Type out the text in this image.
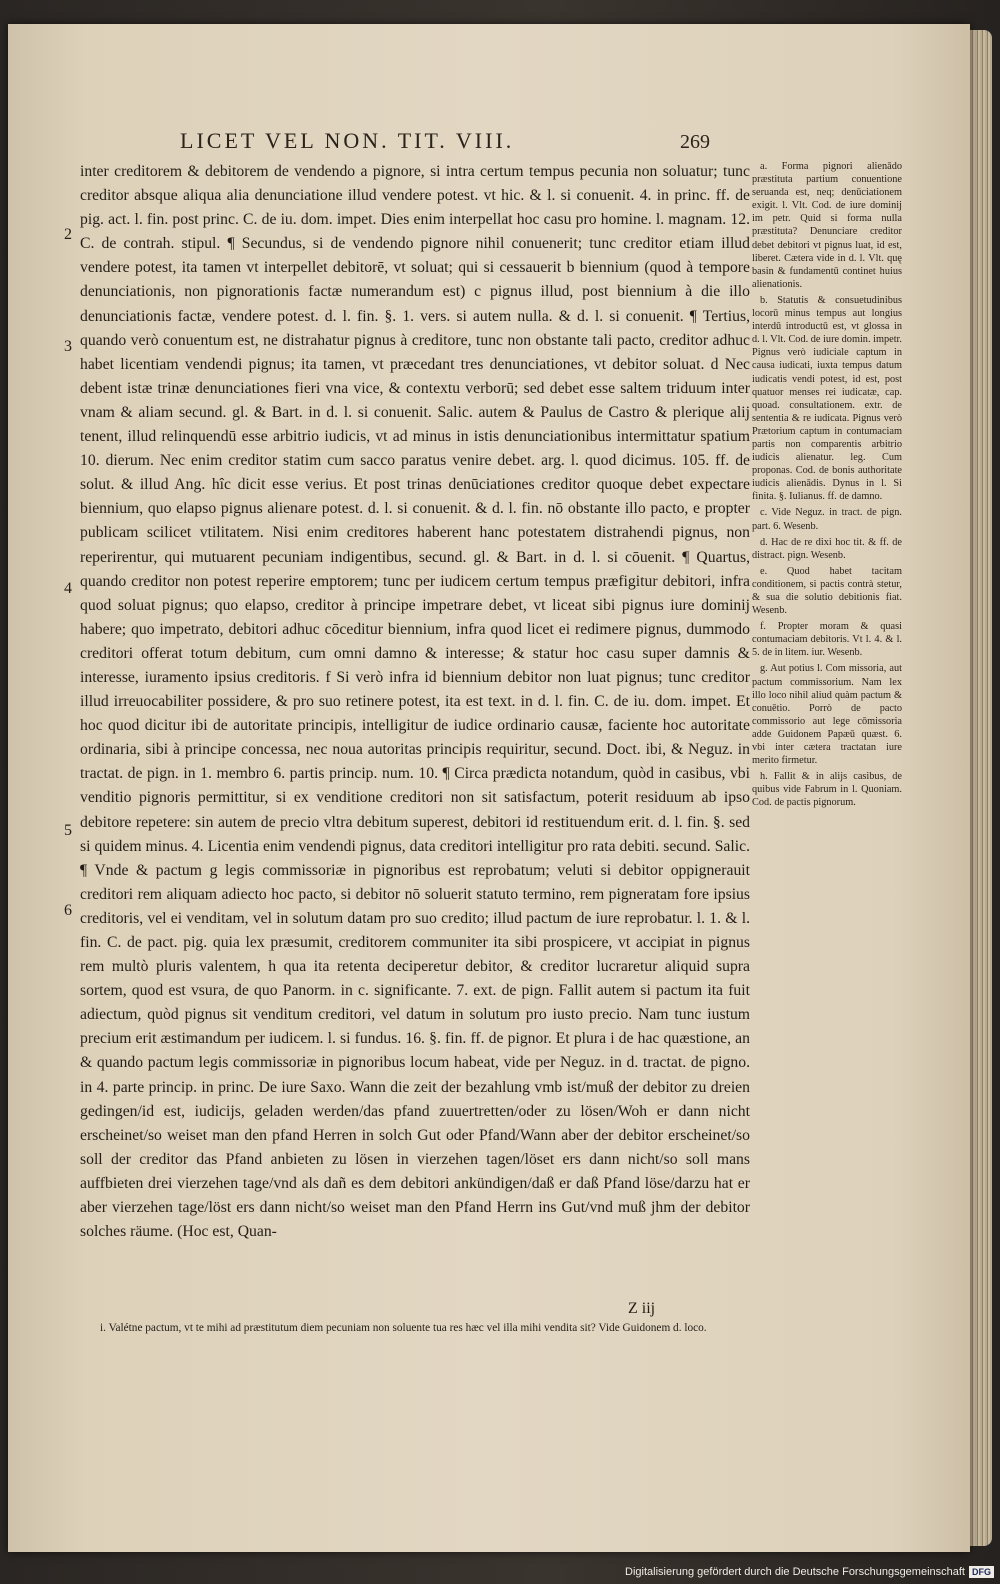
LICET VEL NON. TIT. VIII.	269

inter creditorem & debitorem de vendendo a pignore, si intra certum tempus pecunia non soluatur; tunc creditor absque aliqua alia denunciatione illud vendere potest. vt hic. & l. si conuenit. 4. in princ. ff. de pig. act. l. fin. post princ. C. de iu. dom. impet. Dies enim interpellat hoc casu pro homine. l. magnam. 12. C. de contrah. stipul. ¶ Secundus, si de vendendo pignore nihil conuenerit; tunc creditor etiam illud vendere potest, ita tamen vt interpellet debitorē, vt soluat; qui si cessauerit b biennium (quod à tempore denunciationis, non pignorationis factæ numerandum est) c pignus illud, post biennium à die illo denunciationis factæ, vendere potest. d. l. fin. §. 1. vers. si autem nulla. & d. l. si conuenit. ¶ Tertius, quando verò conuentum est, ne distrahatur pignus à creditore, tunc non obstante tali pacto, creditor adhuc habet licentiam vendendi pignus; ita tamen, vt præcedant tres denunciationes, vt debitor soluat. d Nec debent istæ trinæ denunciationes fieri vna vice, & contextu verborū; sed debet esse saltem triduum inter vnam & aliam secund. gl. & Bart. in d. l. si conuenit. Salic. autem & Paulus de Castro & plerique alij tenent, illud relinquendū esse arbitrio iudicis, vt ad minus in istis denunciationibus intermittatur spatium 10. dierum. Nec enim creditor statim cum sacco paratus venire debet. arg. l. quod dicimus. 105. ff. de solut. & illud Ang. hîc dicit esse verius. Et post trinas denūciationes creditor quoque debet expectare biennium, quo elapso pignus alienare potest. d. l. si conuenit. & d. l. fin. nō obstante illo pacto, e propter publicam scilicet vtilitatem. Nisi enim creditores haberent hanc potestatem distrahendi pignus, non reperirentur, qui mutuarent pecuniam indigentibus, secund. gl. & Bart. in d. l. si cōuenit. ¶ Quartus, quando creditor non potest reperire emptorem; tunc per iudicem certum tempus præfigitur debitori, infra quod soluat pignus; quo elapso, creditor à principe impetrare debet, vt liceat sibi pignus iure dominij habere; quo impetrato, debitori adhuc cōceditur biennium, infra quod licet ei redimere pignus, dummodo creditori offerat totum debitum, cum omni damno & interesse; & statur hoc casu super damnis & interesse, iuramento ipsius creditoris. f Si verò infra id biennium debitor non luat pignus; tunc creditor illud irreuocabiliter possidere, & pro suo retinere potest, ita est text. in d. l. fin. C. de iu. dom. impet. Et hoc quod dicitur ibi de autoritate principis, intelligitur de iudice ordinario causæ, faciente hoc autoritate ordinaria, sibi à principe concessa, nec noua autoritas principis requiritur, secund. Doct. ibi, & Neguz. in tractat. de pign. in 1. membro 6. partis princip. num. 10. ¶ Circa prædicta notandum, quòd in casibus, vbi venditio pignoris permittitur, si ex venditione creditori non sit satisfactum, poterit residuum ab ipso debitore repetere: sin autem de precio vltra debitum superest, debitori id restituendum erit. d. l. fin. §. sed si quidem minus. 4. Licentia enim vendendi pignus, data creditori intelligitur pro rata debiti. secund. Salic. ¶ Vnde & pactum g legis commissoriæ in pignoribus est reprobatum; veluti si debitor oppignerauit creditori rem aliquam adiecto hoc pacto, si debitor nō soluerit statuto termino, rem pigneratam fore ipsius creditoris, vel ei venditam, vel in solutum datam pro suo credito; illud pactum de iure reprobatur. l. 1. & l. fin. C. de pact. pig. quia lex præsumit, creditorem communiter ita sibi prospicere, vt accipiat in pignus rem multò pluris valentem, h qua ita retenta deciperetur debitor, & creditor lucraretur aliquid supra sortem, quod est vsura, de quo Panorm. in c. significante. 7. ext. de pign. Fallit autem si pactum ita fuit adiectum, quòd pignus sit venditum creditori, vel datum in solutum pro iusto precio. Nam tunc iustum precium erit æstimandum per iudicem. l. si fundus. 16. §. fin. ff. de pignor. Et plura i de hac quæstione, an & quando pactum legis commissoriæ in pignoribus locum habeat, vide per Neguz. in d. tractat. de pigno. in 4. parte princip. in princ. De iure Saxo. Wann die zeit der bezahlung vmb ist/muß der debitor zu dreien gedingen/id est, iudicijs, geladen werden/das pfand zuuertretten/oder zu lösen/Woh er dann nicht erscheinet/so weiset man den pfand Herren in solch Gut oder Pfand/Wann aber der debitor erscheinet/so soll der creditor das Pfand anbieten zu lösen in vierzehen tagen/löset ers dann nicht/so soll mans auffbieten drei vierzehen tage/vnd als dañ es dem debitori ankündigen/daß er daß Pfand löse/darzu hat er aber vierzehen tage/löst ers dann nicht/so weiset man den Pfand Herrn ins Gut/vnd muß jhm der debitor solches räume. (Hoc est, Quan-

2
3
4
5
6

a. Forma pignori alienādo præstituta partium conuentione seruanda est, neq; denūciationem exigit. l. Vlt. Cod. de iure dominij im petr. Quid si forma nulla præstituta? Denunciare creditor debet debitori vt pignus luat, id est, liberet. Cætera vide in d. l. Vlt. quę basin & fundamentū continet huius alienationis.

b. Statutis & consuetudinibus locorū minus tempus aut longius interdū introductū est, vt glossa in d. l. Vlt. Cod. de iure domin. impetr. Pignus verò iudiciale captum in causa iudicati, iuxta tempus datum iudicatis vendi potest, id est, post quatuor menses rei iudicatæ, cap. quoad. consultationem. extr. de sententia & re iudicata. Pignus verò Prætorium captum in contumaciam partis non comparentis arbitrio iudicis alienatur. leg. Cum proponas. Cod. de bonis authoritate iudicis alienādis. Dynus in l. Si finita. §. Iulianus. ff. de damno.

c. Vide Neguz. in tract. de pign. part. 6. Wesenb.

d. Hac de re dixi hoc tit. & ff. de distract. pign. Wesenb.

e. Quod habet tacitam conditionem, si pactis contrà stetur, & sua die solutio debitionis fiat. Wesenb.

f. Propter moram & quasi contumaciam debitoris. Vt l. 4. & l. 5. de in litem. iur. Wesenb.

g. Aut potius l. Com missoria, aut pactum commissorium. Nam lex illo loco nihil aliud quàm pactum & conuētio. Porrò de pacto commissorio aut lege cōmissoria adde Guidonem Papæū quæst. 6. vbi inter cætera tractatan iure merito firmetur.

h. Fallit & in alijs casibus, de quibus vide Fabrum in l. Quoniam. Cod. de pactis pignorum.

Z iij
i. Valétne pactum, vt te mihi ad præstitutum diem pecuniam non soluente tua res hæc vel illa mihi vendita sit? Vide Guidonem d. loco.
Digitalisierung gefördert durch die Deutsche Forschungsgemeinschaft DFG
